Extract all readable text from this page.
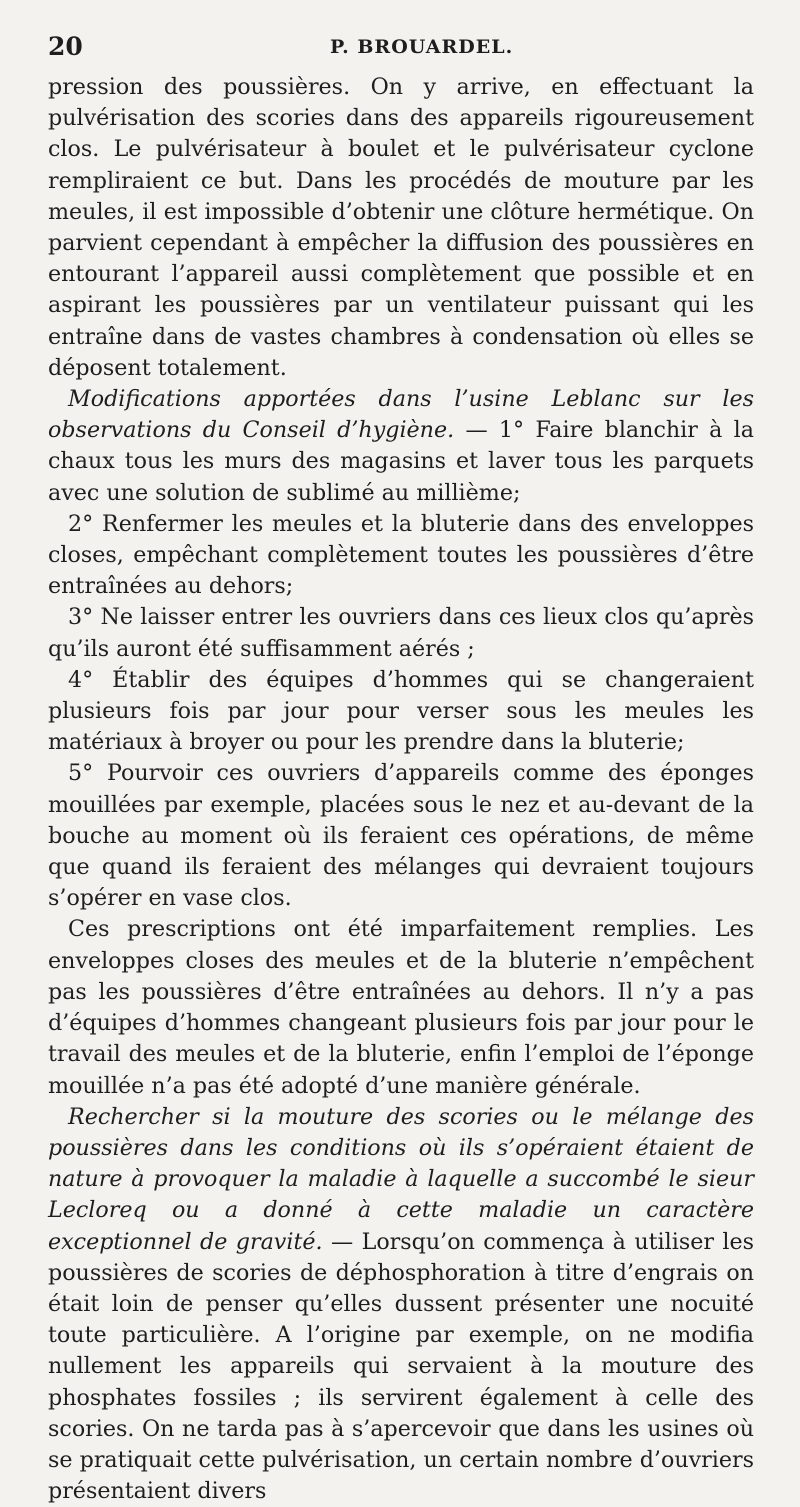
20	P. BROUARDEL.

pression des poussières. On y arrive, en effectuant la pulvérisation des scories dans des appareils rigoureusement clos. Le pulvérisateur à boulet et le pulvérisateur cyclone rempliraient ce but. Dans les procédés de mouture par les meules, il est impossible d’obtenir une clôture hermétique. On parvient cependant à empêcher la diffusion des poussières en entourant l’appareil aussi complètement que possible et en aspirant les poussières par un ventilateur puissant qui les entraîne dans de vastes chambres à condensation où elles se déposent totalement.

Modifications apportées dans l’usine Leblanc sur les observations du Conseil d’hygiène. — 1° Faire blanchir à la chaux tous les murs des magasins et laver tous les parquets avec une solution de sublimé au millième;

2° Renfermer les meules et la bluterie dans des enveloppes closes, empêchant complètement toutes les poussières d’être entraînées au dehors;

3° Ne laisser entrer les ouvriers dans ces lieux clos qu’après qu’ils auront été suffisamment aérés ;

4° Établir des équipes d’hommes qui se changeraient plusieurs fois par jour pour verser sous les meules les matériaux à broyer ou pour les prendre dans la bluterie;

5° Pourvoir ces ouvriers d’appareils comme des éponges mouillées par exemple, placées sous le nez et au-devant de la bouche au moment où ils feraient ces opérations, de même que quand ils feraient des mélanges qui devraient toujours s’opérer en vase clos.

Ces prescriptions ont été imparfaitement remplies. Les enveloppes closes des meules et de la bluterie n’empêchent pas les poussières d’être entraînées au dehors. Il n’y a pas d’équipes d’hommes changeant plusieurs fois par jour pour le travail des meules et de la bluterie, enfin l’emploi de l’éponge mouillée n’a pas été adopté d’une manière générale.

Rechercher si la mouture des scories ou le mélange des poussières dans les conditions où ils s’opéraient étaient de nature à provoquer la maladie à laquelle a succombé le sieur Lecloreq ou a donné à cette maladie un caractère exceptionnel de gravité. — Lorsqu’on commença à utiliser les poussières de scories de déphosphoration à titre d’engrais on était loin de penser qu’elles dussent présenter une nocuité toute particulière. A l’origine par exemple, on ne modifia nullement les appareils qui servaient à la mouture des phosphates fossiles ; ils servirent également à celle des scories. On ne tarda pas à s’apercevoir que dans les usines où se pratiquait cette pulvérisation, un certain nombre d’ouvriers présentaient divers
